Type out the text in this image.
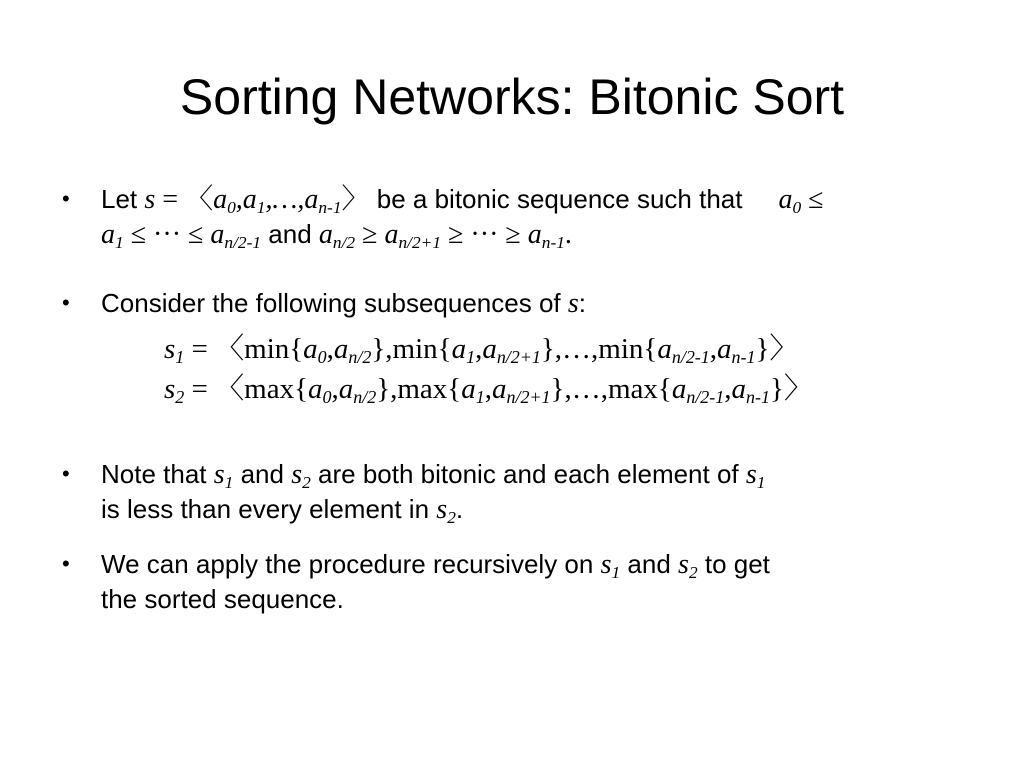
Sorting Networks: Bitonic Sort
•	Let s = 〈$a_0,a_1,\dots,a_{n-1}$〉 be a bitonic sequence such that $a_0$ ≤
$a_1$ ≤ ··· ≤ $a_{n/2-1}$ and $a_{n/2} \ge a_{n/2+1}$ ≥ ··· ≥ $a_{n-1}$.
•	Consider the following subsequences of s:
$s_1$ = 〈$\min\{a_0,a_{n/2}\},\min\{a_1,a_{n/2+1}\},\dots,\min\{a_{n/2-1},a_{n-1}\}$〉
$s_2$ = 〈$\max\{a_0,a_{n/2}\},\max\{a_1,a_{n/2+1}\},\dots,\max\{a_{n/2-1},a_{n-1}\}$〉
•	Note that $s_1$ and $s_2$ are both bitonic and each element of $s_1$
is less than every element in $s_2$.
•	We can apply the procedure recursively on $s_1$ and $s_2$ to get
the sorted sequence.
